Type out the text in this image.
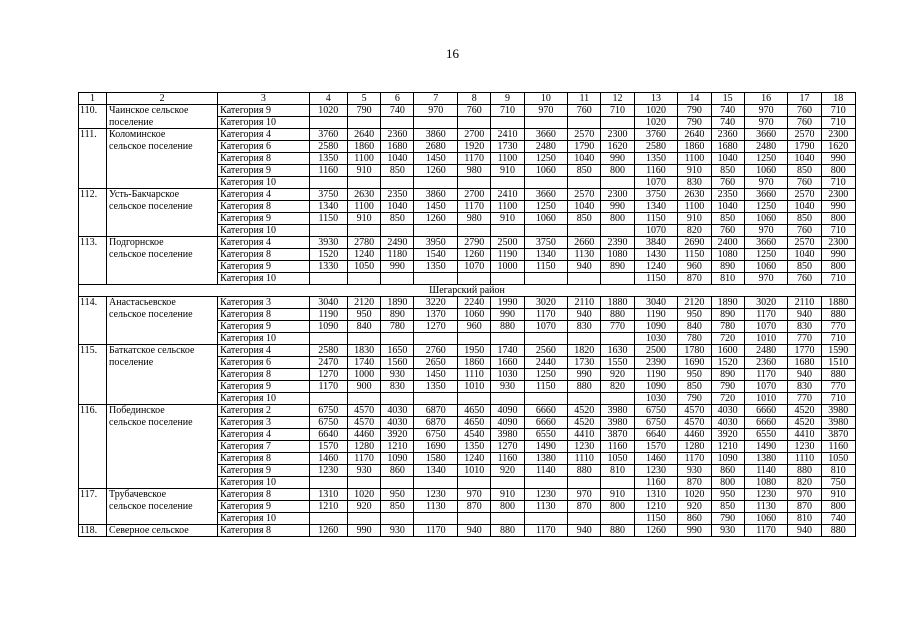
16
1	2	3	4	5	6	7	8	9	10	11	12	13	14	15	16	17	18
110.	Чаинское сельское	Категория 9	1020	790	740	970	760	710	970	760	710	1020	790	740	970	760	710
	поселение	Категория 10										1020	790	740	970	760	710
111.	Коломинское	Категория 4	3760	2640	2360	3860	2700	2410	3660	2570	2300	3760	2640	2360	3660	2570	2300
	сельское поселение	Категория 6	2580	1860	1680	2680	1920	1730	2480	1790	1620	2580	1860	1680	2480	1790	1620
		Категория 8	1350	1100	1040	1450	1170	1100	1250	1040	990	1350	1100	1040	1250	1040	990
		Категория 9	1160	910	850	1260	980	910	1060	850	800	1160	910	850	1060	850	800
		Категория 10										1070	830	760	970	760	710
112.	Усть-Бакчарское	Категория 4	3750	2630	2350	3860	2700	2410	3660	2570	2300	3750	2630	2350	3660	2570	2300
	сельское поселение	Категория 8	1340	1100	1040	1450	1170	1100	1250	1040	990	1340	1100	1040	1250	1040	990
		Категория 9	1150	910	850	1260	980	910	1060	850	800	1150	910	850	1060	850	800
		Категория 10										1070	820	760	970	760	710
113.	Подгорнское	Категория 4	3930	2780	2490	3950	2790	2500	3750	2660	2390	3840	2690	2400	3660	2570	2300
	сельское поселение	Категория 8	1520	1240	1180	1540	1260	1190	1340	1130	1080	1430	1150	1080	1250	1040	990
		Категория 9	1330	1050	990	1350	1070	1000	1150	940	890	1240	960	890	1060	850	800
		Категория 10										1150	870	810	970	760	710
Шегарский район																	
114.	Анастасьевское	Категория 3	3040	2120	1890	3220	2240	1990	3020	2110	1880	3040	2120	1890	3020	2110	1880
	сельское поселение	Категория 8	1190	950	890	1370	1060	990	1170	940	880	1190	950	890	1170	940	880
		Категория 9	1090	840	780	1270	960	880	1070	830	770	1090	840	780	1070	830	770
		Категория 10										1030	780	720	1010	770	710
115.	Баткатское сельское	Категория 4	2580	1830	1650	2760	1950	1740	2560	1820	1630	2500	1780	1600	2480	1770	1590
	поселение	Категория 6	2470	1740	1560	2650	1860	1660	2440	1730	1550	2390	1690	1520	2360	1680	1510
		Категория 8	1270	1000	930	1450	1110	1030	1250	990	920	1190	950	890	1170	940	880
		Категория 9	1170	900	830	1350	1010	930	1150	880	820	1090	850	790	1070	830	770
		Категория 10										1030	790	720	1010	770	710
116.	Побединское	Категория 2	6750	4570	4030	6870	4650	4090	6660	4520	3980	6750	4570	4030	6660	4520	3980
	сельское поселение	Категория 3	6750	4570	4030	6870	4650	4090	6660	4520	3980	6750	4570	4030	6660	4520	3980
		Категория 4	6640	4460	3920	6750	4540	3980	6550	4410	3870	6640	4460	3920	6550	4410	3870
		Категория 7	1570	1280	1210	1690	1350	1270	1490	1230	1160	1570	1280	1210	1490	1230	1160
		Категория 8	1460	1170	1090	1580	1240	1160	1380	1110	1050	1460	1170	1090	1380	1110	1050
		Категория 9	1230	930	860	1340	1010	920	1140	880	810	1230	930	860	1140	880	810
		Категория 10										1160	870	800	1080	820	750
117.	Трубачевское	Категория 8	1310	1020	950	1230	970	910	1230	970	910	1310	1020	950	1230	970	910
	сельское поселение	Категория 9	1210	920	850	1130	870	800	1130	870	800	1210	920	850	1130	870	800
		Категория 10										1150	860	790	1060	810	740
118.	Северное сельское	Категория 8	1260	990	930	1170	940	880	1170	940	880	1260	990	930	1170	940	880
